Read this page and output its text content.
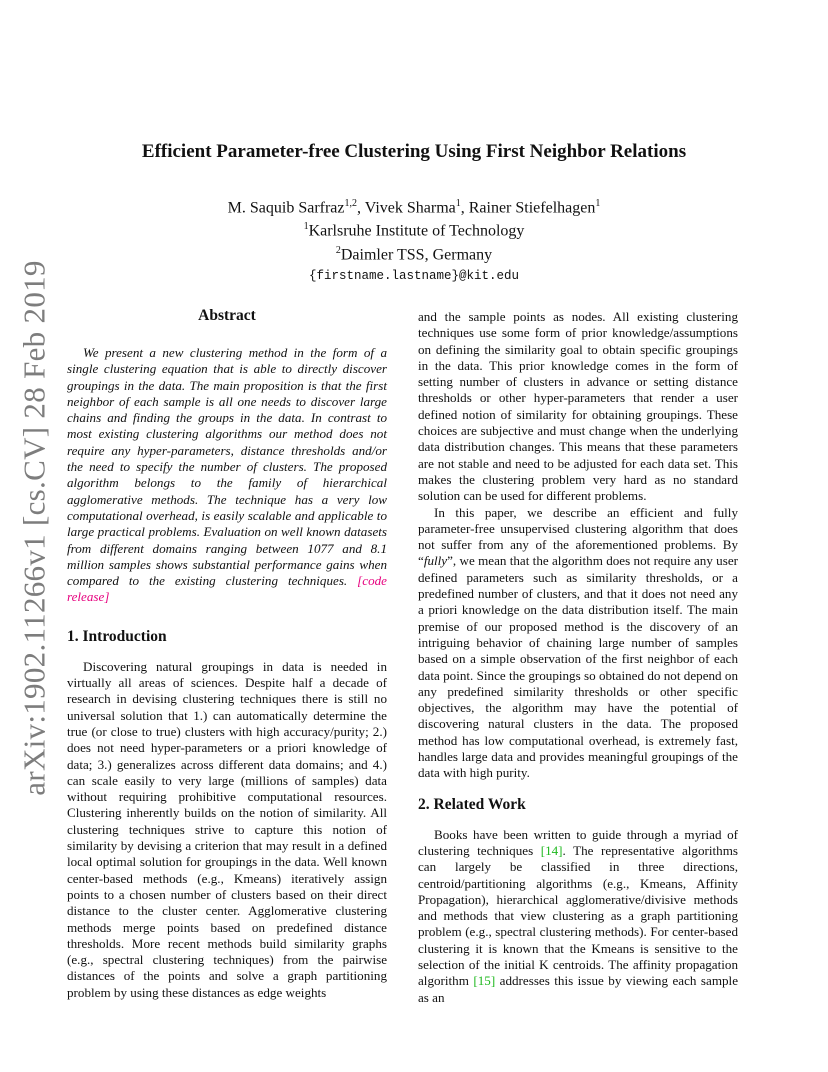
arXiv:1902.11266v1 [cs.CV] 28 Feb 2019
Efficient Parameter-free Clustering Using First Neighbor Relations
M. Saquib Sarfraz$^{1,2}$, Vivek Sharma$^1$, Rainer Stiefelhagen$^1$
$^1$Karlsruhe Institute of Technology
$^2$Daimler TSS, Germany
{firstname.lastname}@kit.edu
Abstract

We present a new clustering method in the form of a single clustering equation that is able to directly discover groupings in the data. The main proposition is that the first neighbor of each sample is all one needs to discover large chains and finding the groups in the data. In contrast to most existing clustering algorithms our method does not require any hyper-parameters, distance thresholds and/or the need to specify the number of clusters. The proposed algorithm belongs to the family of hierarchical agglomerative methods. The technique has a very low computational overhead, is easily scalable and applicable to large practical problems. Evaluation on well known datasets from different domains ranging between 1077 and 8.1 million samples shows substantial performance gains when compared to the existing clustering techniques. [code release]

1. Introduction

Discovering natural groupings in data is needed in virtually all areas of sciences. Despite half a decade of research in devising clustering techniques there is still no universal solution that 1.) can automatically determine the true (or close to true) clusters with high accuracy/purity; 2.) does not need hyper-parameters or a priori knowledge of data; 3.) generalizes across different data domains; and 4.) can scale easily to very large (millions of samples) data without requiring prohibitive computational resources. Clustering inherently builds on the notion of similarity. All clustering techniques strive to capture this notion of similarity by devising a criterion that may result in a defined local optimal solution for groupings in the data. Well known center-based methods (e.g., Kmeans) iteratively assign points to a chosen number of clusters based on their direct distance to the cluster center. Agglomerative clustering methods merge points based on predefined distance thresholds. More recent methods build similarity graphs (e.g., spectral clustering techniques) from the pairwise distances of the points and solve a graph partitioning problem by using these distances as edge weights

and the sample points as nodes. All existing clustering techniques use some form of prior knowledge/assumptions on defining the similarity goal to obtain specific groupings in the data. This prior knowledge comes in the form of setting number of clusters in advance or setting distance thresholds or other hyper-parameters that render a user defined notion of similarity for obtaining groupings. These choices are subjective and must change when the underlying data distribution changes. This means that these parameters are not stable and need to be adjusted for each data set. This makes the clustering problem very hard as no standard solution can be used for different problems.

In this paper, we describe an efficient and fully parameter-free unsupervised clustering algorithm that does not suffer from any of the aforementioned problems. By “fully”, we mean that the algorithm does not require any user defined parameters such as similarity thresholds, or a predefined number of clusters, and that it does not need any a priori knowledge on the data distribution itself. The main premise of our proposed method is the discovery of an intriguing behavior of chaining large number of samples based on a simple observation of the first neighbor of each data point. Since the groupings so obtained do not depend on any predefined similarity thresholds or other specific objectives, the algorithm may have the potential of discovering natural clusters in the data. The proposed method has low computational overhead, is extremely fast, handles large data and provides meaningful groupings of the data with high purity.

2. Related Work

Books have been written to guide through a myriad of clustering techniques [14]. The representative algorithms can largely be classified in three directions, centroid/partitioning algorithms (e.g., Kmeans, Affinity Propagation), hierarchical agglomerative/divisive methods and methods that view clustering as a graph partitioning problem (e.g., spectral clustering methods). For center-based clustering it is known that the Kmeans is sensitive to the selection of the initial K centroids. The affinity propagation algorithm [15] addresses this issue by viewing each sample as an
